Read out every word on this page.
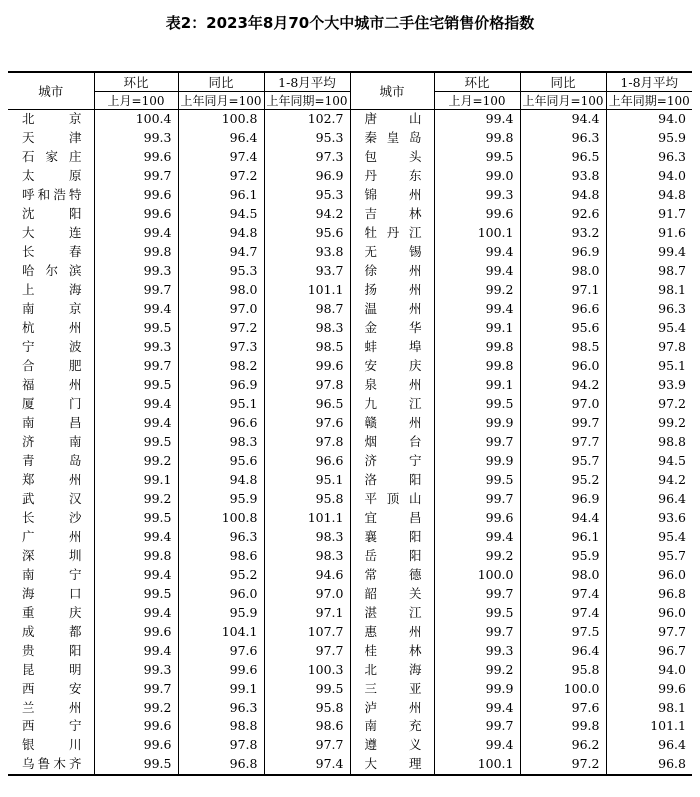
表2：2023年8月70个大中城市二手住宅销售价格指数
城市	环比	同比	1-8月平均	城市	环比	同比	1-8月平均
	上月=100	上年同月=100	上年同期=100		上月=100	上年同月=100	上年同期=100
北　京	100.4	100.8	102.7	唐　山	99.4	94.4	94.0
天　津	99.3	96.4	95.3	秦皇岛	99.8	96.3	95.9
石家庄	99.6	97.4	97.3	包　头	99.5	96.5	96.3
太　原	99.7	97.2	96.9	丹　东	99.0	93.8	94.0
呼和浩特	99.6	96.1	95.3	锦　州	99.3	94.8	94.8
沈　阳	99.6	94.5	94.2	吉　林	99.6	92.6	91.7
大　连	99.4	94.8	95.6	牡丹江	100.1	93.2	91.6
长　春	99.8	94.7	93.8	无　锡	99.4	96.9	99.4
哈尔滨	99.3	95.3	93.7	徐　州	99.4	98.0	98.7
上　海	99.7	98.0	101.1	扬　州	99.2	97.1	98.1
南　京	99.4	97.0	98.7	温　州	99.4	96.6	96.3
杭　州	99.5	97.2	98.3	金　华	99.1	95.6	95.4
宁　波	99.3	97.3	98.5	蚌　埠	99.8	98.5	97.8
合　肥	99.7	98.2	99.6	安　庆	99.8	96.0	95.1
福　州	99.5	96.9	97.8	泉　州	99.1	94.2	93.9
厦　门	99.4	95.1	96.5	九　江	99.5	97.0	97.2
南　昌	99.4	96.6	97.6	赣　州	99.9	99.7	99.2
济　南	99.5	98.3	97.8	烟　台	99.7	97.7	98.8
青　岛	99.2	95.6	96.6	济　宁	99.9	95.7	94.5
郑　州	99.1	94.8	95.1	洛　阳	99.5	95.2	94.2
武　汉	99.2	95.9	95.8	平顶山	99.7	96.9	96.4
长　沙	99.5	100.8	101.1	宜　昌	99.6	94.4	93.6
广　州	99.4	96.3	98.3	襄　阳	99.4	96.1	95.4
深　圳	99.8	98.6	98.3	岳　阳	99.2	95.9	95.7
南　宁	99.4	95.2	94.6	常　德	100.0	98.0	96.0
海　口	99.5	96.0	97.0	韶　关	99.7	97.4	96.8
重　庆	99.4	95.9	97.1	湛　江	99.5	97.4	96.0
成　都	99.6	104.1	107.7	惠　州	99.7	97.5	97.7
贵　阳	99.4	97.6	97.7	桂　林	99.3	96.4	96.7
昆　明	99.3	99.6	100.3	北　海	99.2	95.8	94.0
西　安	99.7	99.1	99.5	三　亚	99.9	100.0	99.6
兰　州	99.2	96.3	95.8	泸　州	99.4	97.6	98.1
西　宁	99.6	98.8	98.6	南　充	99.7	99.8	101.1
银　川	99.6	97.8	97.7	遵　义	99.4	96.2	96.4
乌鲁木齐	99.5	96.8	97.4	大　理	100.1	97.2	96.8
